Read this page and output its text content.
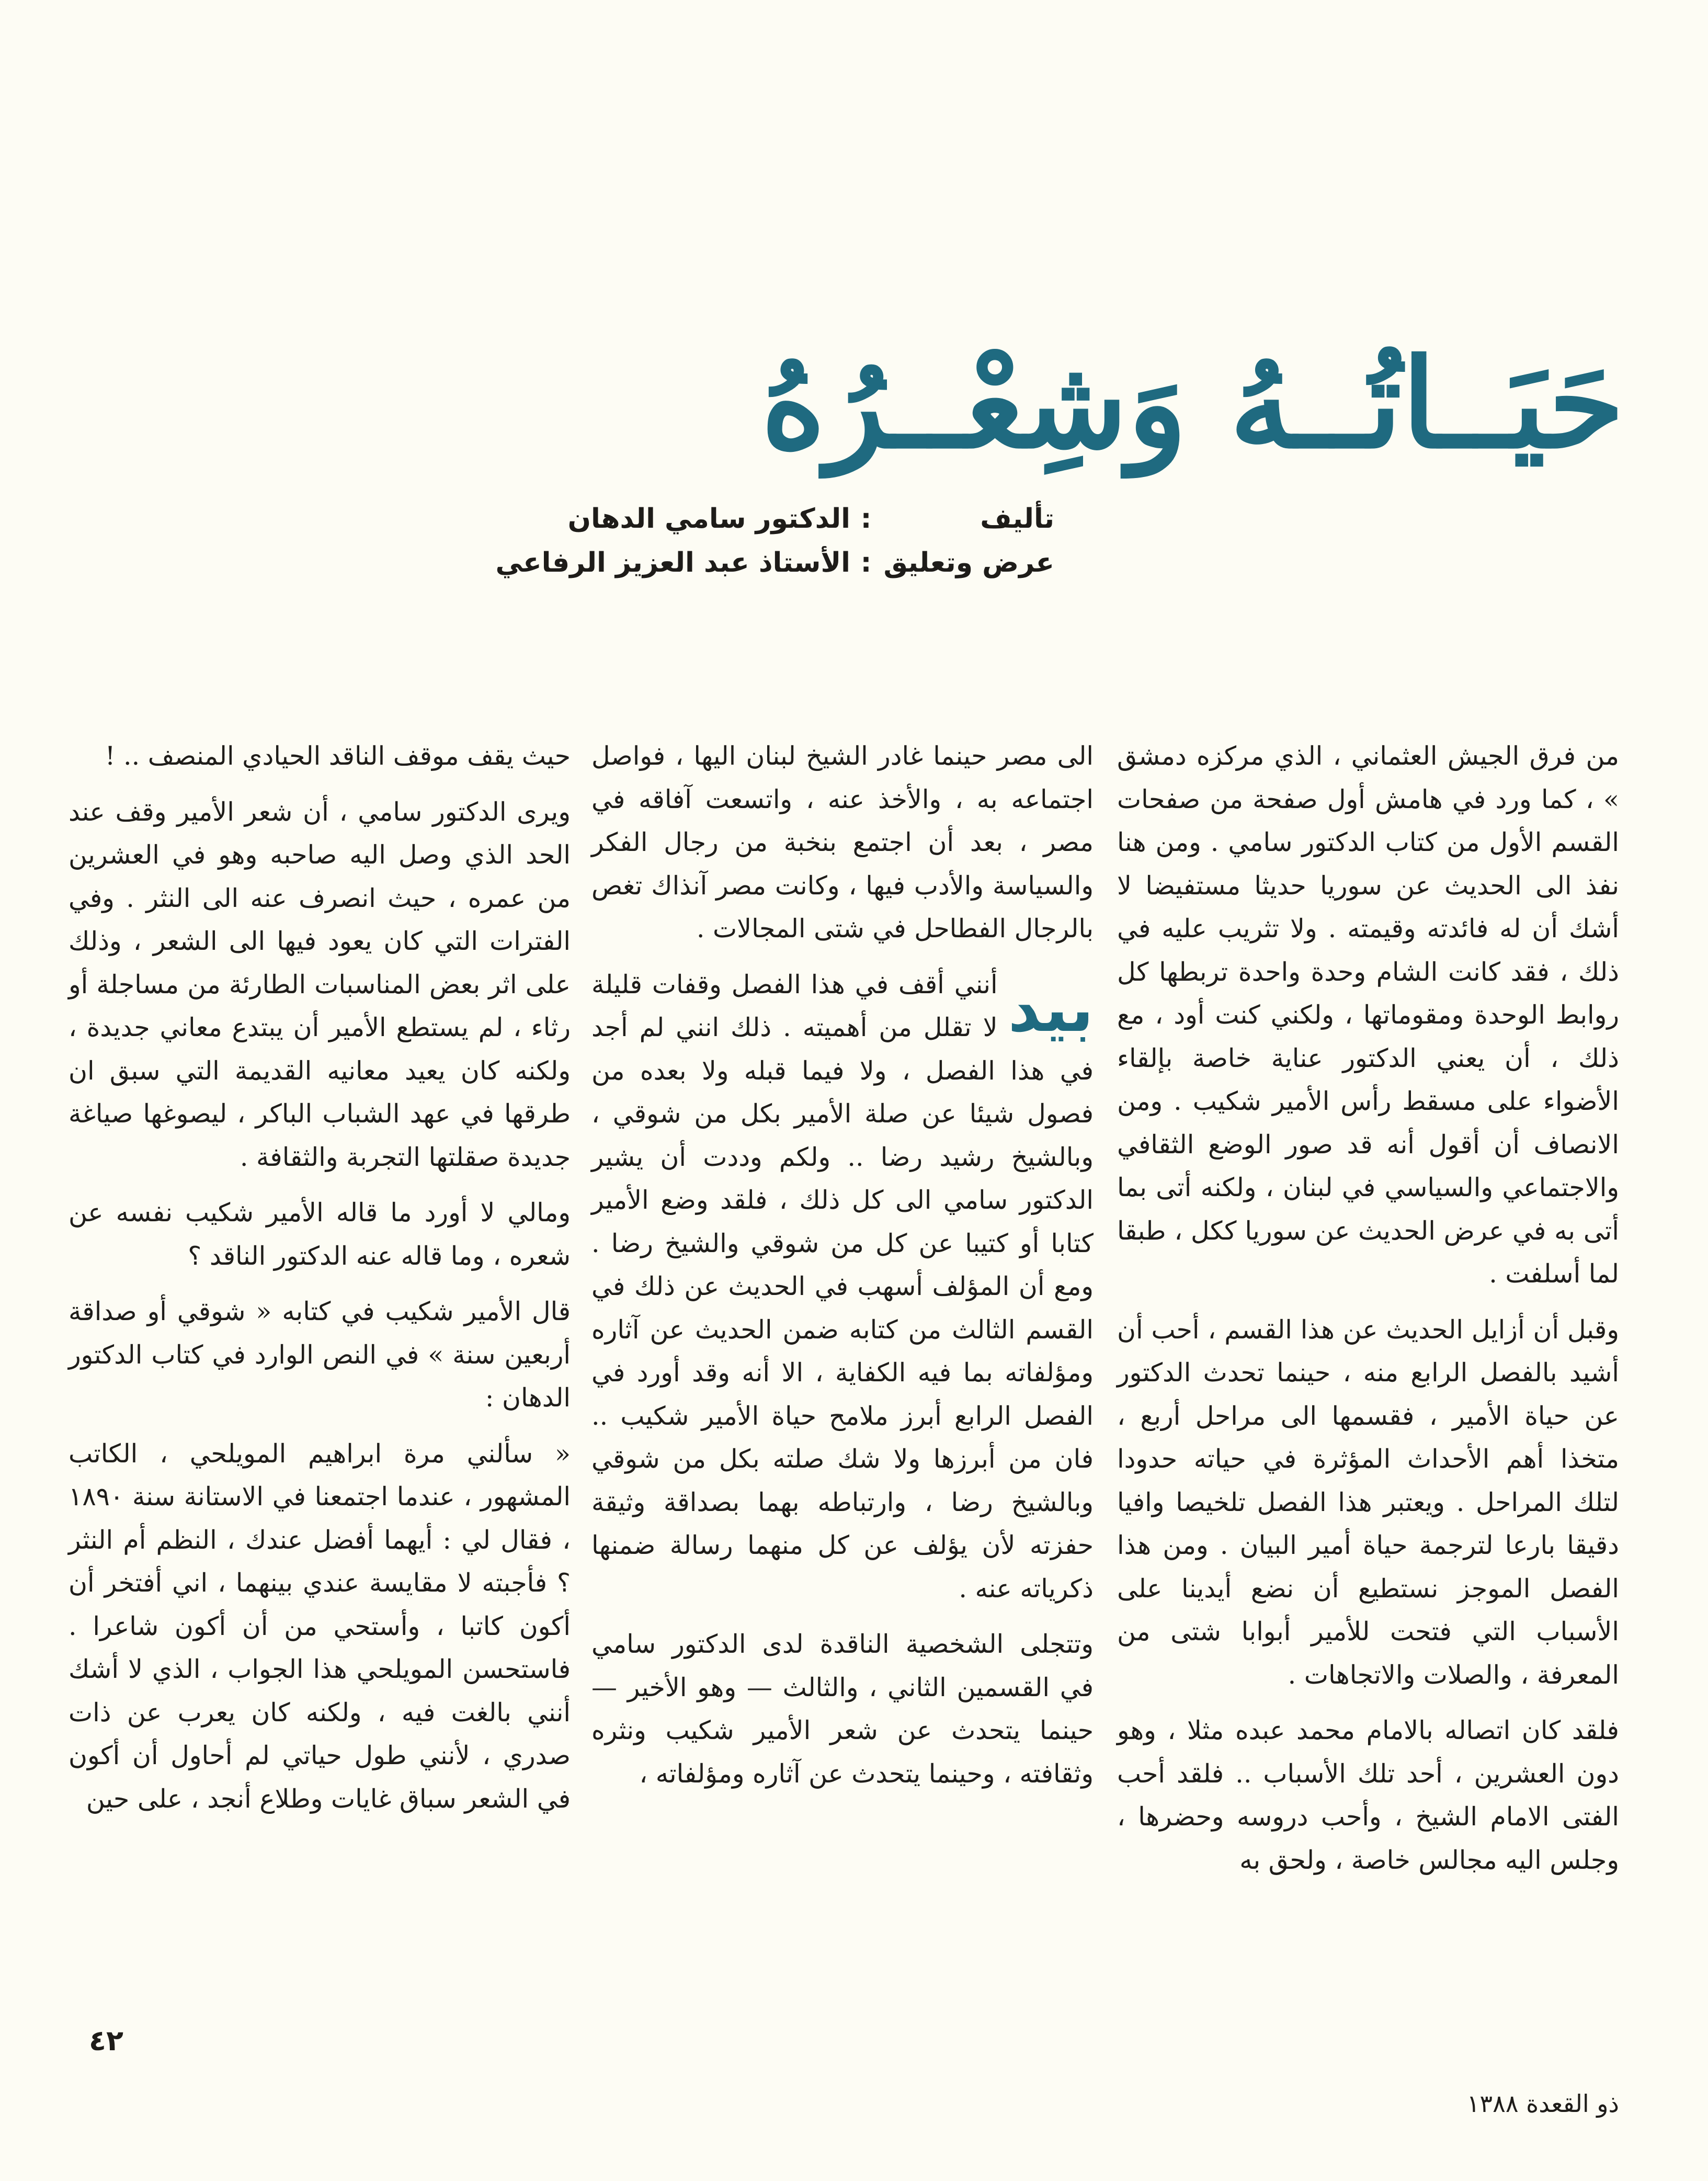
حَيَــاتُــهُ وَشِعْــرُهُ
تأليف:الدكتور سامي الدهان
عرض وتعليق:الأستاذ عبد العزيز الرفاعي

من فرق الجيش العثماني ، الذي مركزه دمشق » ، كما ورد في هامش أول صفحة من صفحات القسم الأول من كتاب الدكتور سامي . ومن هنا نفذ الى الحديث عن سوريا حديثا مستفيضا لا أشك أن له فائدته وقيمته . ولا تثريب عليه في ذلك ، فقد كانت الشام وحدة واحدة تربطها كل روابط الوحدة ومقوماتها ، ولكني كنت أود ، مع ذلك ، أن يعني الدكتور عناية خاصة بإلقاء الأضواء على مسقط رأس الأمير شكيب . ومن الانصاف أن أقول أنه قد صور الوضع الثقافي والاجتماعي والسياسي في لبنان ، ولكنه أتى بما أتى به في عرض الحديث عن سوريا ككل ، طبقا لما أسلفت .

وقبل أن أزايل الحديث عن هذا القسم ، أحب أن أشيد بالفصل الرابع منه ، حينما تحدث الدكتور عن حياة الأمير ، فقسمها الى مراحل أربع ، متخذا أهم الأحداث المؤثرة في حياته حدودا لتلك المراحل . ويعتبر هذا الفصل تلخيصا وافيا دقيقا بارعا لترجمة حياة أمير البيان . ومن هذا الفصل الموجز نستطيع أن نضع أيدينا على الأسباب التي فتحت للأمير أبوابا شتى من المعرفة ، والصلات والاتجاهات .

فلقد كان اتصاله بالامام محمد عبده مثلا ، وهو دون العشرين ، أحد تلك الأسباب .. فلقد أحب الفتى الامام الشيخ ، وأحب دروسه وحضرها ، وجلس اليه مجالس خاصة ، ولحق به

الى مصر حينما غادر الشيخ لبنان اليها ، فواصل اجتماعه به ، والأخذ عنه ، واتسعت آفاقه في مصر ، بعد أن اجتمع بنخبة من رجال الفكر والسياسة والأدب فيها ، وكانت مصر آنذاك تغص بالرجال الفطاحل في شتى المجالات .

بيد
أنني أقف في هذا الفصل وقفات قليلة لا تقلل من أهميته . ذلك انني لم أجد في هذا الفصل ، ولا فيما قبله ولا بعده من فصول شيئا عن صلة الأمير بكل من شوقي ، وبالشيخ رشيد رضا .. ولكم وددت أن يشير الدكتور سامي الى كل ذلك ، فلقد وضع الأمير كتابا أو كتيبا عن كل من شوقي والشيخ رضا . ومع أن المؤلف أسهب في الحديث عن ذلك في القسم الثالث من كتابه ضمن الحديث عن آثاره ومؤلفاته بما فيه الكفاية ، الا أنه وقد أورد في الفصل الرابع أبرز ملامح حياة الأمير شكيب .. فان من أبرزها ولا شك صلته بكل من شوقي وبالشيخ رضا ، وارتباطه بهما بصداقة وثيقة حفزته لأن يؤلف عن كل منهما رسالة ضمنها ذكرياته عنه .

وتتجلى الشخصية الناقدة لدى الدكتور سامي في القسمين الثاني ، والثالث — وهو الأخير — حينما يتحدث عن شعر الأمير شكيب ونثره وثقافته ، وحينما يتحدث عن آثاره ومؤلفاته ،

حيث يقف موقف الناقد الحيادي المنصف .. !

ويرى الدكتور سامي ، أن شعر الأمير وقف عند الحد الذي وصل اليه صاحبه وهو في العشرين من عمره ، حيث انصرف عنه الى النثر . وفي الفترات التي كان يعود فيها الى الشعر ، وذلك على اثر بعض المناسبات الطارئة من مساجلة أو رثاء ، لم يستطع الأمير أن يبتدع معاني جديدة ، ولكنه كان يعيد معانيه القديمة التي سبق ان طرقها في عهد الشباب الباكر ، ليصوغها صياغة جديدة صقلتها التجربة والثقافة .

ومالي لا أورد ما قاله الأمير شكيب نفسه عن شعره ، وما قاله عنه الدكتور الناقد ؟

قال الأمير شكيب في كتابه « شوقي أو صداقة أربعين سنة » في النص الوارد في كتاب الدكتور الدهان :

« سألني مرة ابراهيم المويلحي ، الكاتب المشهور ، عندما اجتمعنا في الاستانة سنة ١٨٩٠ ، فقال لي : أيهما أفضل عندك ، النظم أم النثر ؟ فأجبته لا مقايسة عندي بينهما ، اني أفتخر أن أكون كاتبا ، وأستحي من أن أكون شاعرا . فاستحسن المويلحي هذا الجواب ، الذي لا أشك أنني بالغت فيه ، ولكنه كان يعرب عن ذات صدري ، لأنني طول حياتي لم أحاول أن أكون في الشعر سباق غايات وطلاع أنجد ، على حين

٤٢
ذو القعدة ١٣٨٨
